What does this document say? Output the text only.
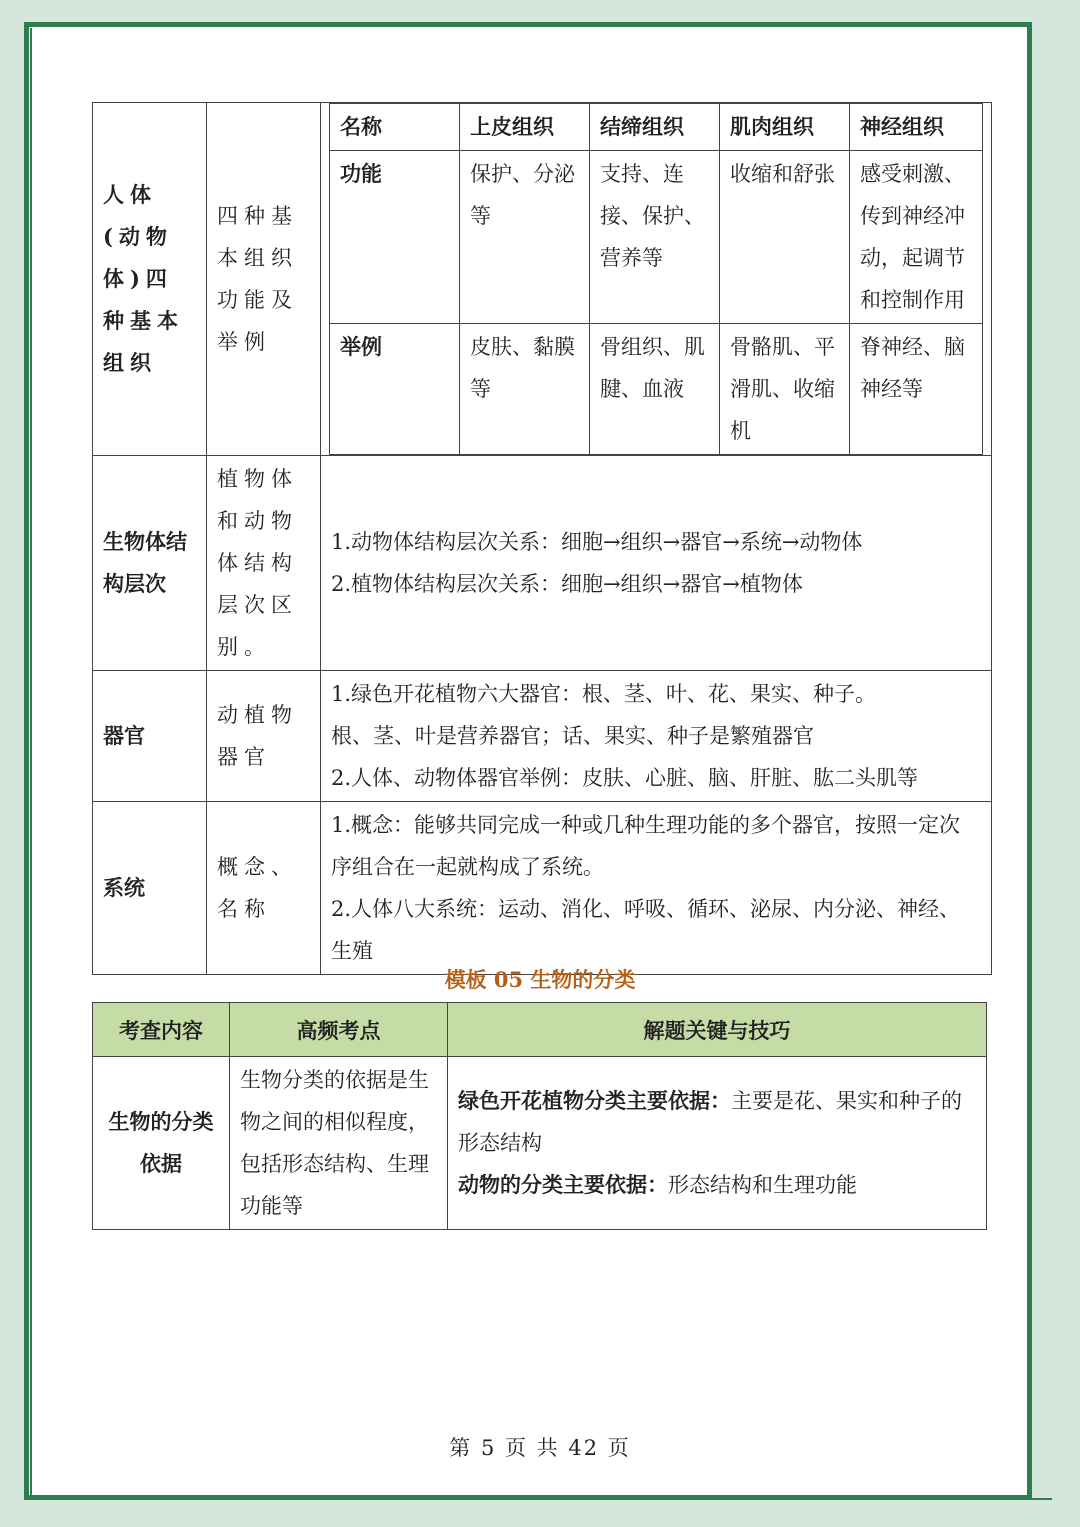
人体(动物体)四种基本组织	四种基本组织功能及举例	
名称	上皮组织	结缔组织	肌肉组织	神经组织
功能	保护、分泌等	支持、连接、保护、营养等	收缩和舒张	感受刺激、传到神经冲动，起调节和控制作用
举例	皮肤、黏膜等	骨组织、肌腱、血液	骨骼肌、平滑肌、收缩机	脊神经、脑神经等

生物体结构层次	植物体和动物体结构层次区别。	
1.动物体结构层次关系：细胞→组织→器官→系统→动物体
2.植物体结构层次关系：细胞→组织→器官→植物体

器官	动植物器官	
1.绿色开花植物六大器官：根、茎、叶、花、果实、种子。
根、茎、叶是营养器官；话、果实、种子是繁殖器官
2.人体、动物体器官举例：皮肤、心脏、脑、肝脏、肱二头肌等

系统	概念、名称	
1.概念：能够共同完成一种或几种生理功能的多个器官，按照一定次序组合在一起就构成了系统。
2.人体八大系统：运动、消化、呼吸、循环、泌尿、内分泌、神经、生殖
模板 05 生物的分类
考查内容	高频考点	解题关键与技巧
生物的分类依据	生物分类的依据是生物之间的相似程度，包括形态结构、生理功能等	绿色开花植物分类主要依据：主要是花、果实和种子的形态结构
动物的分类主要依据：形态结构和生理功能
第 5 页 共 42 页
